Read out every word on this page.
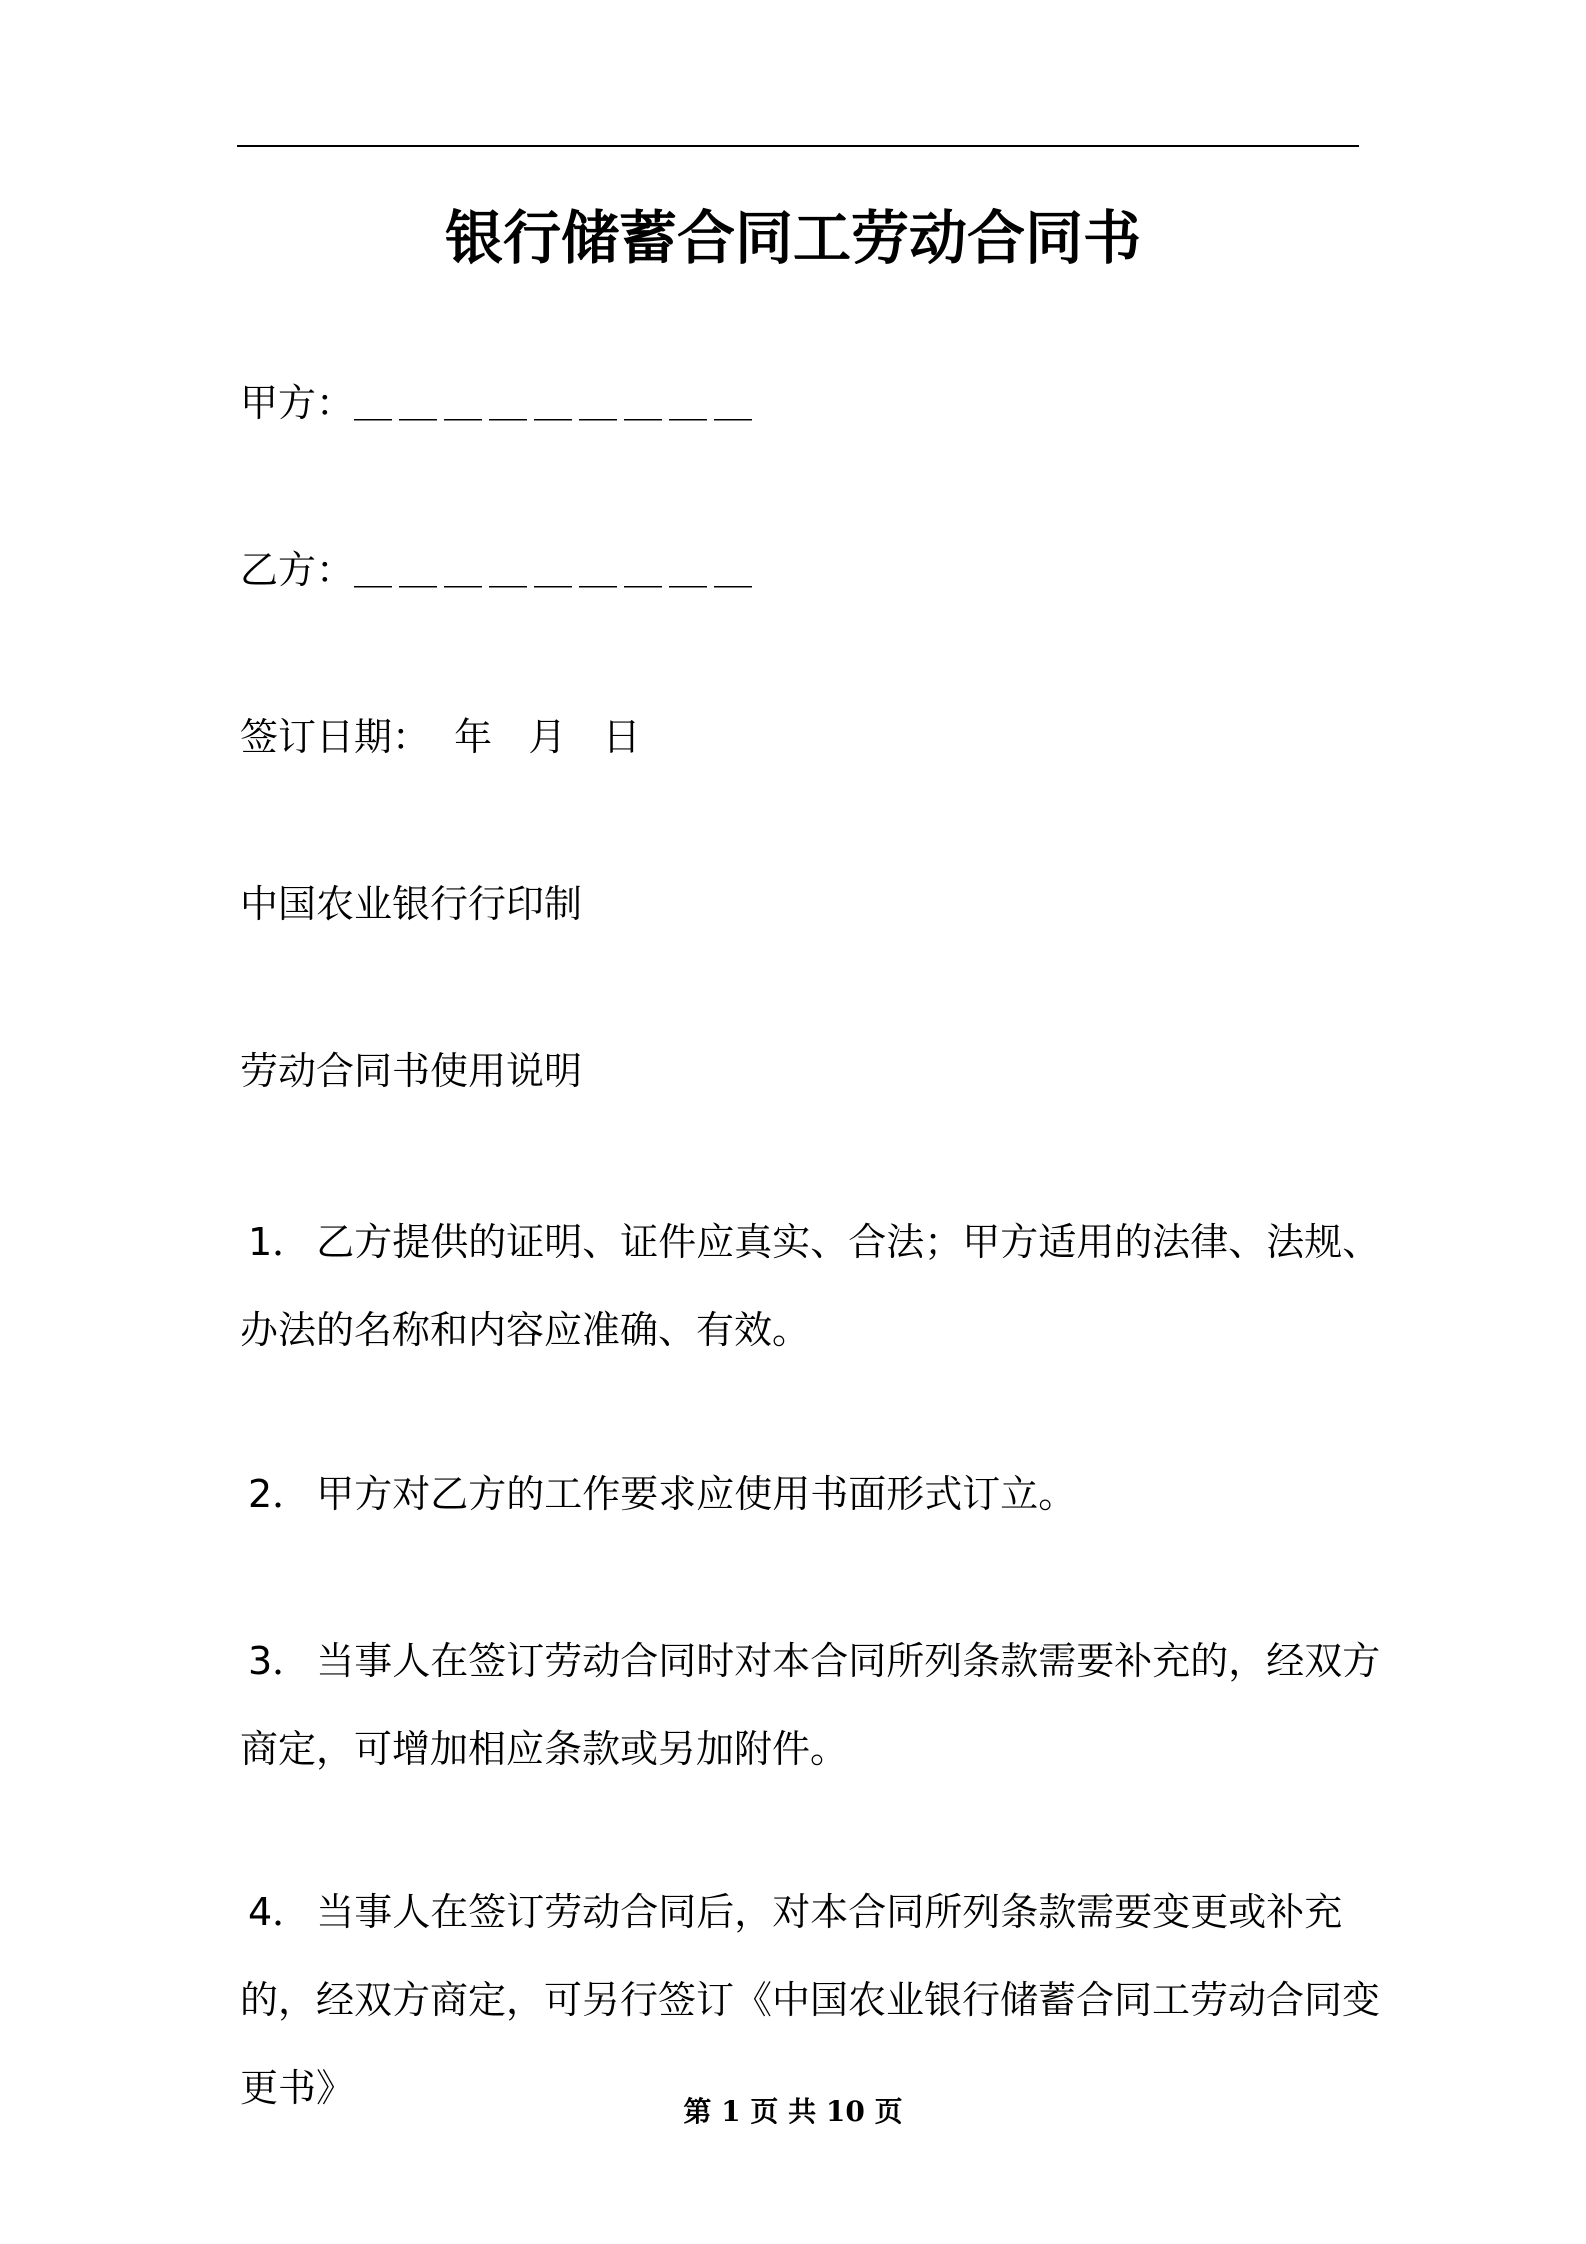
银行储蓄合同工劳动合同书
甲方：＿＿＿＿＿＿＿＿＿
乙方：＿＿＿＿＿＿＿＿＿
签订日期：  年   月   日
中国农业银行行印制
劳动合同书使用说明
1． 乙方提供的证明、证件应真实、合法；甲方适用的法律、法规、办法的名称和内容应准确、有效。
2． 甲方对乙方的工作要求应使用书面形式订立。
3． 当事人在签订劳动合同时对本合同所列条款需要补充的，经双方商定，可增加相应条款或另加附件。
4． 当事人在签订劳动合同后，对本合同所列条款需要变更或补充的，经双方商定，可另行签订《中国农业银行储蓄合同工劳动合同变更书》
第 1 页 共 10 页
